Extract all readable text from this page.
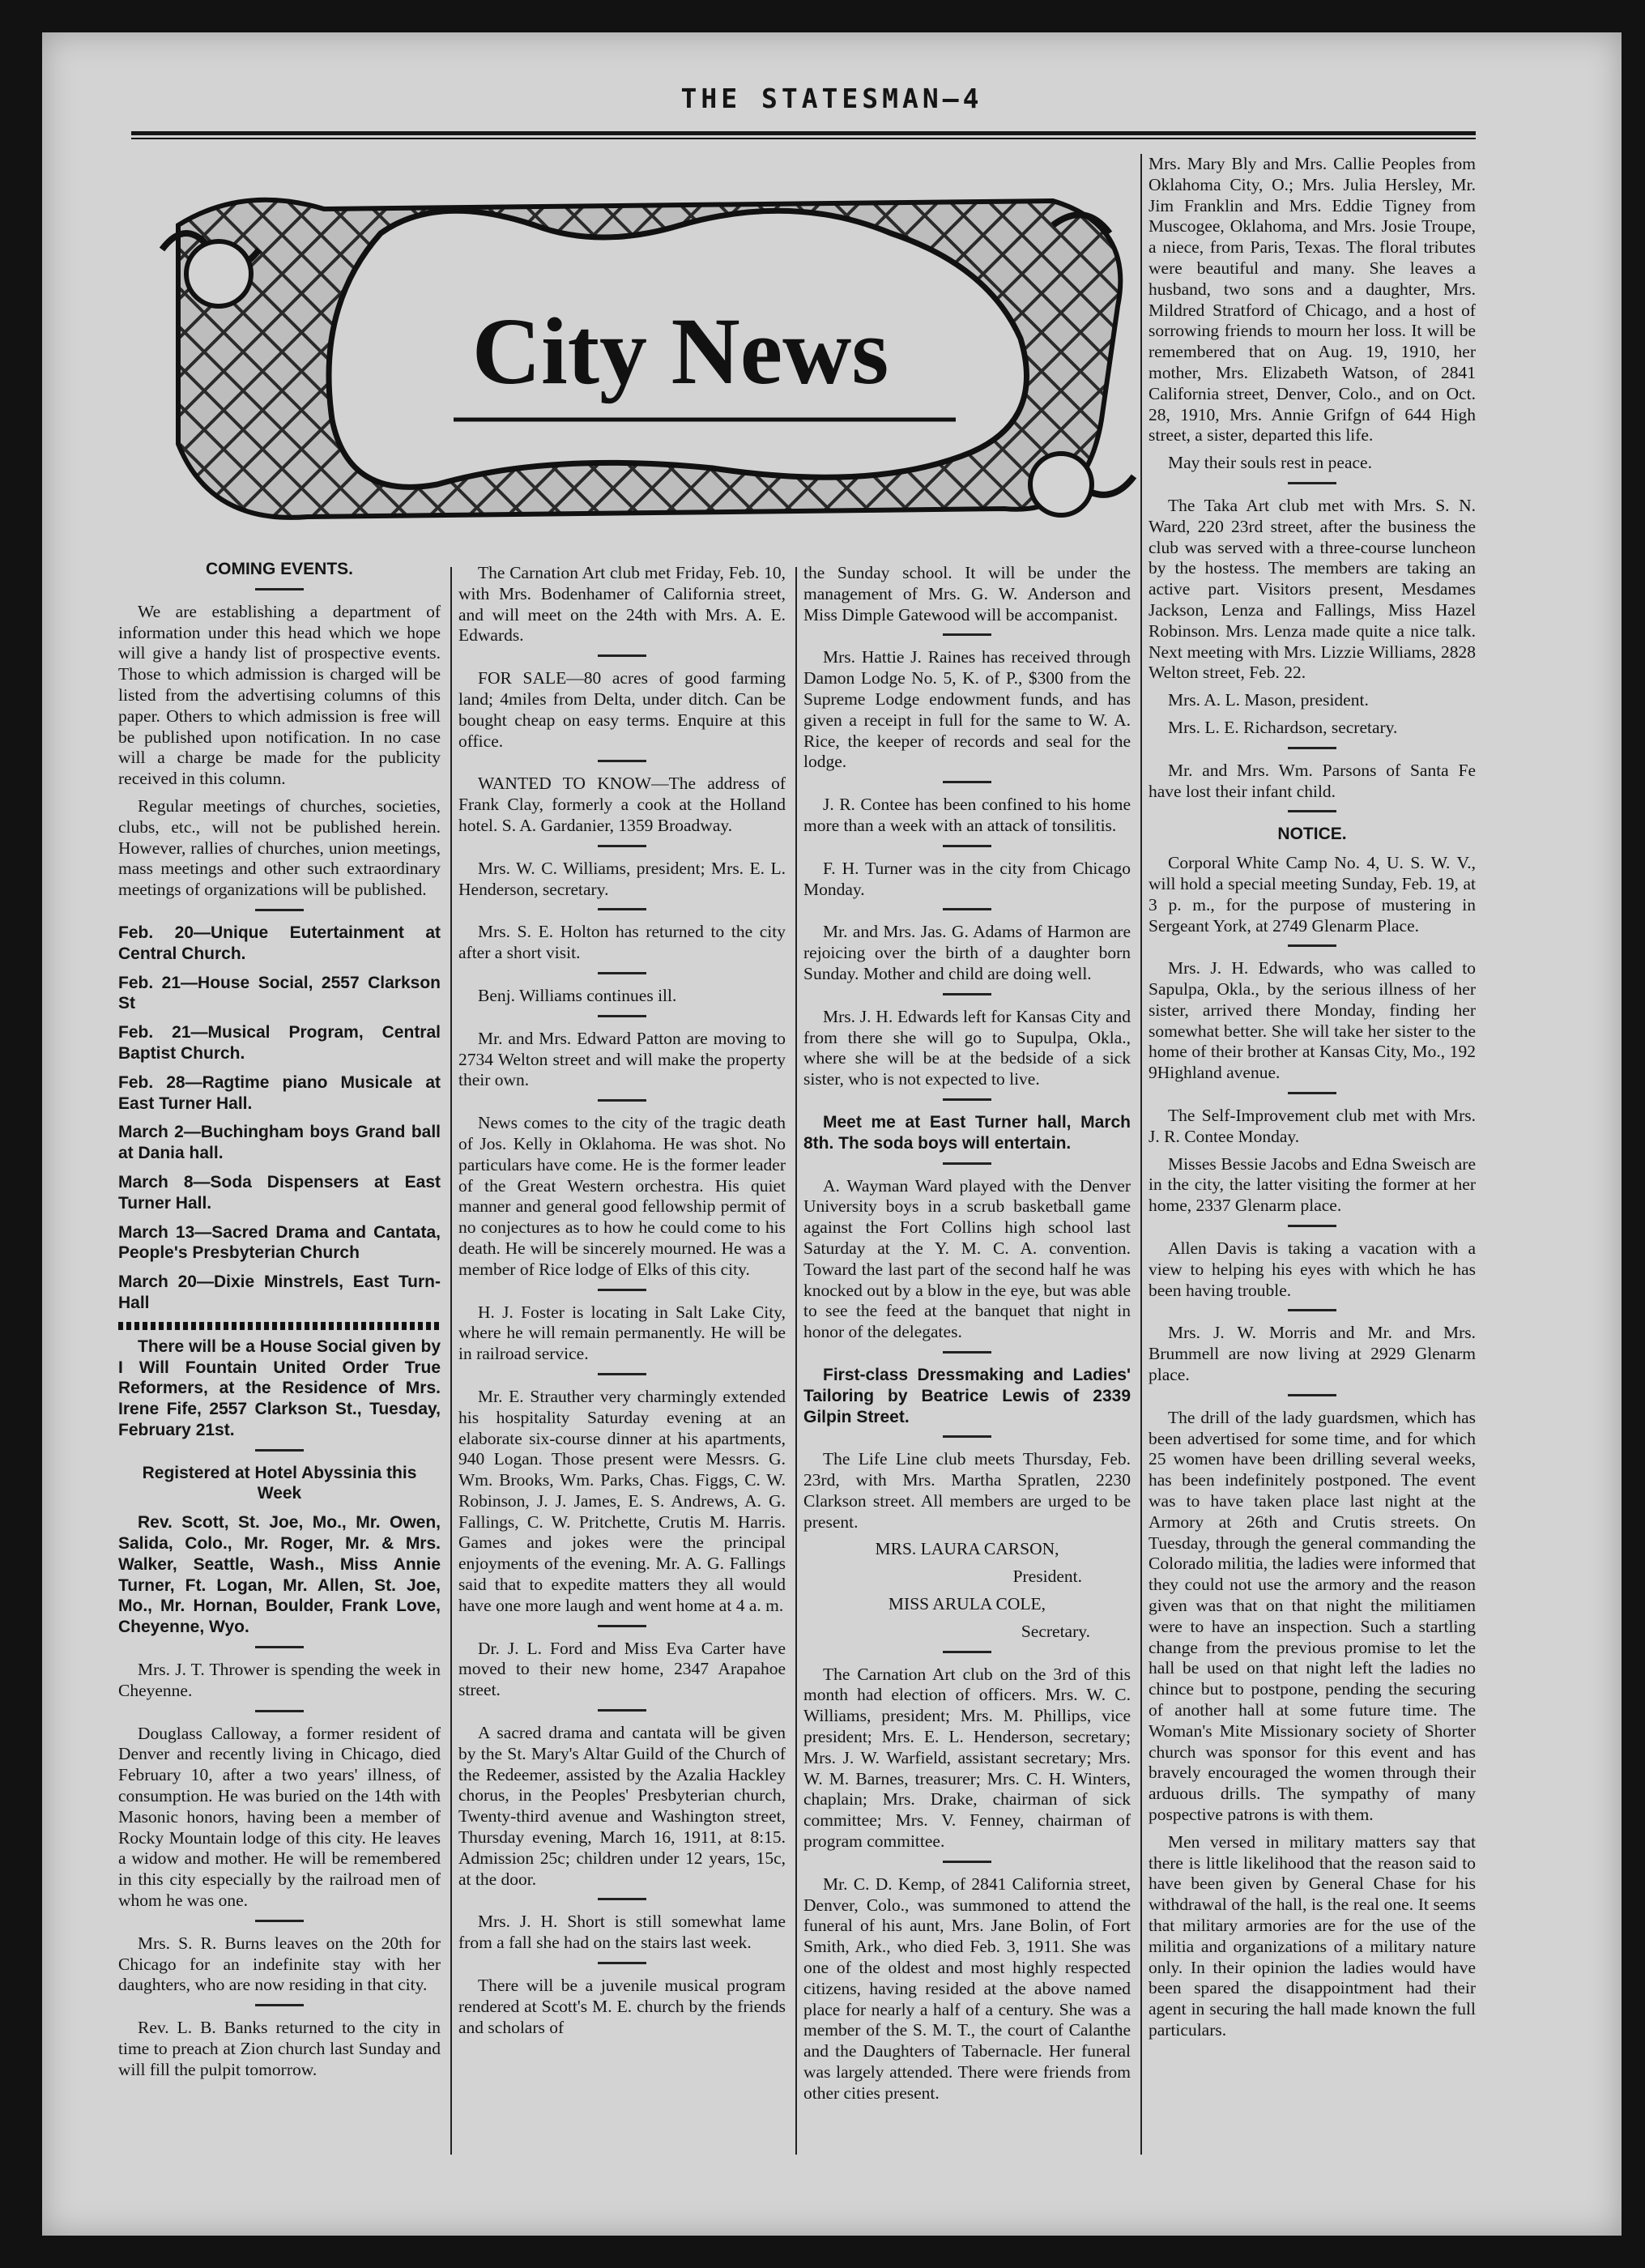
THE STATESMAN—4
City News

COMING EVENTS.

We are establishing a department of information under this head which we hope will give a handy list of prospective events. Those to which admission is charged will be listed from the advertising columns of this paper. Others to which admission is free will be published upon notification. In no case will a charge be made for the publicity received in this column.

Regular meetings of churches, societies, clubs, etc., will not be published herein. However, rallies of churches, union meetings, mass meetings and other such extraordinary meetings of organizations will be published.

Feb. 20—Unique Eutertainment at Central Church.

Feb. 21—House Social, 2557 Clarkson St

Feb. 21—Musical Program, Central Baptist Church.

Feb. 28—Ragtime piano Musicale at East Turner Hall.

March 2—Buchingham boys Grand ball at Dania hall.

March 8—Soda Dispensers at East Turner Hall.

March 13—Sacred Drama and Cantata, People's Presbyterian Church

March 20—Dixie Minstrels, East Turn-Hall

There will be a House Social given by I Will Fountain United Order True Reformers, at the Residence of Mrs. Irene Fife, 2557 Clarkson St., Tuesday, February 21st.

Registered at Hotel Abyssinia this Week

Rev. Scott, St. Joe, Mo., Mr. Owen, Salida, Colo., Mr. Roger, Mr. & Mrs. Walker, Seattle, Wash., Miss Annie Turner, Ft. Logan, Mr. Allen, St. Joe, Mo., Mr. Hornan, Boulder, Frank Love, Cheyenne, Wyo.

Mrs. J. T. Thrower is spending the week in Cheyenne.

Douglass Calloway, a former resident of Denver and recently living in Chicago, died February 10, after a two years' illness, of consumption. He was buried on the 14th with Masonic honors, having been a member of Rocky Mountain lodge of this city. He leaves a widow and mother. He will be remembered in this city especially by the railroad men of whom he was one.

Mrs. S. R. Burns leaves on the 20th for Chicago for an indefinite stay with her daughters, who are now residing in that city.

Rev. L. B. Banks returned to the city in time to preach at Zion church last Sunday and will fill the pulpit tomorrow.

The Carnation Art club met Friday, Feb. 10, with Mrs. Bodenhamer of California street, and will meet on the 24th with Mrs. A. E. Edwards.

FOR SALE—80 acres of good farming land; 4miles from Delta, under ditch. Can be bought cheap on easy terms. Enquire at this office.

WANTED TO KNOW—The address of Frank Clay, formerly a cook at the Holland hotel. S. A. Gardanier, 1359 Broadway.

Mrs. W. C. Williams, president; Mrs. E. L. Henderson, secretary.

Mrs. S. E. Holton has returned to the city after a short visit.

Benj. Williams continues ill.

Mr. and Mrs. Edward Patton are moving to 2734 Welton street and will make the property their own.

News comes to the city of the tragic death of Jos. Kelly in Oklahoma. He was shot. No particulars have come. He is the former leader of the Great Western orchestra. His quiet manner and general good fellowship permit of no conjectures as to how he could come to his death. He will be sincerely mourned. He was a member of Rice lodge of Elks of this city.

H. J. Foster is locating in Salt Lake City, where he will remain permanently. He will be in railroad service.

Mr. E. Strauther very charmingly extended his hospitality Saturday evening at an elaborate six-course dinner at his apartments, 940 Logan. Those present were Messrs. G. Wm. Brooks, Wm. Parks, Chas. Figgs, C. W. Robinson, J. J. James, E. S. Andrews, A. G. Fallings, C. W. Pritchette, Crutis M. Harris. Games and jokes were the principal enjoyments of the evening. Mr. A. G. Fallings said that to expedite matters they all would have one more laugh and went home at 4 a. m.

Dr. J. L. Ford and Miss Eva Carter have moved to their new home, 2347 Arapahoe street.

A sacred drama and cantata will be given by the St. Mary's Altar Guild of the Church of the Redeemer, assisted by the Azalia Hackley chorus, in the Peoples' Presbyterian church, Twenty-third avenue and Washington street, Thursday evening, March 16, 1911, at 8:15. Admission 25c; children under 12 years, 15c, at the door.

Mrs. J. H. Short is still somewhat lame from a fall she had on the stairs last week.

There will be a juvenile musical program rendered at Scott's M. E. church by the friends and scholars of

the Sunday school. It will be under the management of Mrs. G. W. Anderson and Miss Dimple Gatewood will be accompanist.

Mrs. Hattie J. Raines has received through Damon Lodge No. 5, K. of P., $300 from the Supreme Lodge endowment funds, and has given a receipt in full for the same to W. A. Rice, the keeper of records and seal for the lodge.

J. R. Contee has been confined to his home more than a week with an attack of tonsilitis.

F. H. Turner was in the city from Chicago Monday.

Mr. and Mrs. Jas. G. Adams of Harmon are rejoicing over the birth of a daughter born Sunday. Mother and child are doing well.

Mrs. J. H. Edwards left for Kansas City and from there she will go to Supulpa, Okla., where she will be at the bedside of a sick sister, who is not expected to live.

Meet me at East Turner hall, March 8th. The soda boys will entertain.

A. Wayman Ward played with the Denver University boys in a scrub basketball game against the Fort Collins high school last Saturday at the Y. M. C. A. convention. Toward the last part of the second half he was knocked out by a blow in the eye, but was able to see the feed at the banquet that night in honor of the delegates.

First-class Dressmaking and Ladies' Tailoring by Beatrice Lewis of 2339 Gilpin Street.

The Life Line club meets Thursday, Feb. 23rd, with Mrs. Martha Spratlen, 2230 Clarkson street. All members are urged to be present.

MRS. LAURA CARSON,

President.

MISS ARULA COLE,

Secretary.

The Carnation Art club on the 3rd of this month had election of officers. Mrs. W. C. Williams, president; Mrs. M. Phillips, vice president; Mrs. E. L. Henderson, secretary; Mrs. J. W. Warfield, assistant secretary; Mrs. W. M. Barnes, treasurer; Mrs. C. H. Winters, chaplain; Mrs. Drake, chairman of sick committee; Mrs. V. Fenney, chairman of program committee.

Mr. C. D. Kemp, of 2841 California street, Denver, Colo., was summoned to attend the funeral of his aunt, Mrs. Jane Bolin, of Fort Smith, Ark., who died Feb. 3, 1911. She was one of the oldest and most highly respected citizens, having resided at the above named place for nearly a half of a century. She was a member of the S. M. T., the court of Calanthe and the Daughters of Tabernacle. Her funeral was largely attended. There were friends from other cities present.

Mrs. Mary Bly and Mrs. Callie Peoples from Oklahoma City, O.; Mrs. Julia Hersley, Mr. Jim Franklin and Mrs. Eddie Tigney from Muscogee, Oklahoma, and Mrs. Josie Troupe, a niece, from Paris, Texas. The floral tributes were beautiful and many. She leaves a husband, two sons and a daughter, Mrs. Mildred Stratford of Chicago, and a host of sorrowing friends to mourn her loss. It will be remembered that on Aug. 19, 1910, her mother, Mrs. Elizabeth Watson, of 2841 California street, Denver, Colo., and on Oct. 28, 1910, Mrs. Annie Grifgn of 644 High street, a sister, departed this life.

May their souls rest in peace.

The Taka Art club met with Mrs. S. N. Ward, 220 23rd street, after the business the club was served with a three-course luncheon by the hostess. The members are taking an active part. Visitors present, Mesdames Jackson, Lenza and Fallings, Miss Hazel Robinson. Mrs. Lenza made quite a nice talk. Next meeting with Mrs. Lizzie Williams, 2828 Welton street, Feb. 22.

Mrs. A. L. Mason, president.

Mrs. L. E. Richardson, secretary.

Mr. and Mrs. Wm. Parsons of Santa Fe have lost their infant child.

NOTICE.

Corporal White Camp No. 4, U. S. W. V., will hold a special meeting Sunday, Feb. 19, at 3 p. m., for the purpose of mustering in Sergeant York, at 2749 Glenarm Place.

Mrs. J. H. Edwards, who was called to Sapulpa, Okla., by the serious illness of her sister, arrived there Monday, finding her somewhat better. She will take her sister to the home of their brother at Kansas City, Mo., 192 9Highland avenue.

The Self-Improvement club met with Mrs. J. R. Contee Monday.

Misses Bessie Jacobs and Edna Sweisch are in the city, the latter visiting the former at her home, 2337 Glenarm place.

Allen Davis is taking a vacation with a view to helping his eyes with which he has been having trouble.

Mrs. J. W. Morris and Mr. and Mrs. Brummell are now living at 2929 Glenarm place.

The drill of the lady guardsmen, which has been advertised for some time, and for which 25 women have been drilling several weeks, has been indefinitely postponed. The event was to have taken place last night at the Armory at 26th and Crutis streets. On Tuesday, through the general commanding the Colorado militia, the ladies were informed that they could not use the armory and the reason given was that on that night the militiamen were to have an inspection. Such a startling change from the previous promise to let the hall be used on that night left the ladies no chince but to postpone, pending the securing of another hall at some future time. The Woman's Mite Missionary society of Shorter church was sponsor for this event and has bravely encouraged the women through their arduous drills. The sympathy of many pospective patrons is with them.

Men versed in military matters say that there is little likelihood that the reason said to have been given by General Chase for his withdrawal of the hall, is the real one. It seems that military armories are for the use of the militia and organizations of a military nature only. In their opinion the ladies would have been spared the disappointment had their agent in securing the hall made known the full particulars.
